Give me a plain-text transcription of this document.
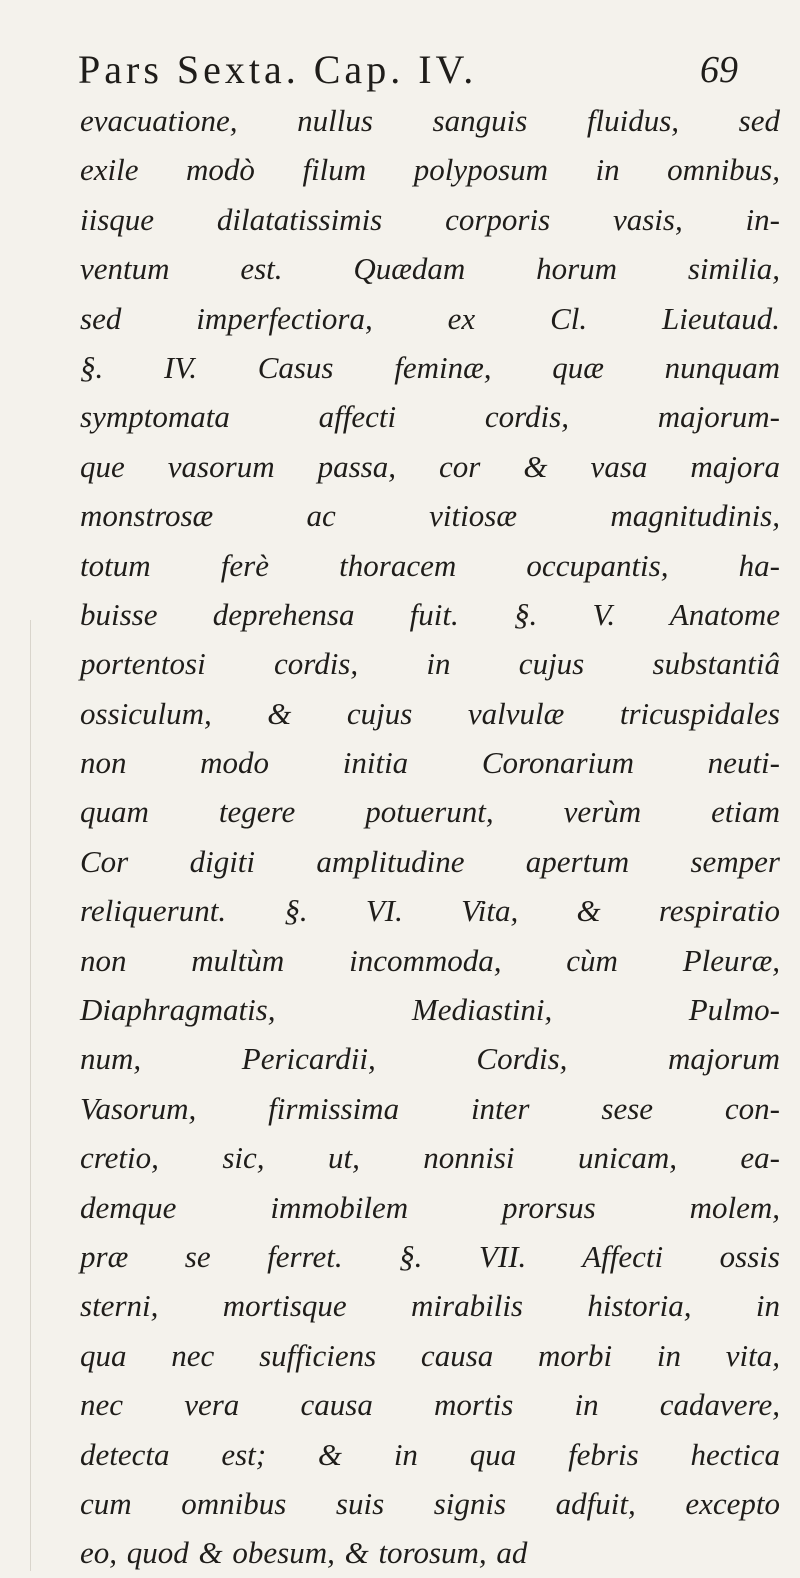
Pars Sexta. Cap. IV.	69
evacuatione, nullus sanguis fluidus, sed
exile modò filum polyposum in omnibus,
iisque dilatatissimis corporis vasis, in-
ventum est. Quædam horum similia,
sed imperfectiora, ex Cl. Lieutaud.
§. IV. Casus feminæ, quæ nunquam
symptomata affecti cordis, majorum-
que vasorum passa, cor & vasa majora
monstrosæ ac vitiosæ magnitudinis,
totum ferè thoracem occupantis, ha-
buisse deprehensa fuit. §. V. Anatome
portentosi cordis, in cujus substantiâ
ossiculum, & cujus valvulæ tricuspidales
non modo initia Coronarium neuti-
quam tegere potuerunt, verùm etiam
Cor digiti amplitudine apertum semper
reliquerunt. §. VI. Vita, & respiratio
non multùm incommoda, cùm Pleuræ,
Diaphragmatis, Mediastini, Pulmo-
num, Pericardii, Cordis, majorum
Vasorum, firmissima inter sese con-
cretio, sic, ut, nonnisi unicam, ea-
demque immobilem prorsus molem,
præ se ferret. §. VII. Affecti ossis
sterni, mortisque mirabilis historia, in
qua nec sufficiens causa morbi in vita,
nec vera causa mortis in cadavere,
detecta est; & in qua febris hectica
cum omnibus suis signis adfuit, excepto
eo, quod & obesum, & torosum, ad
